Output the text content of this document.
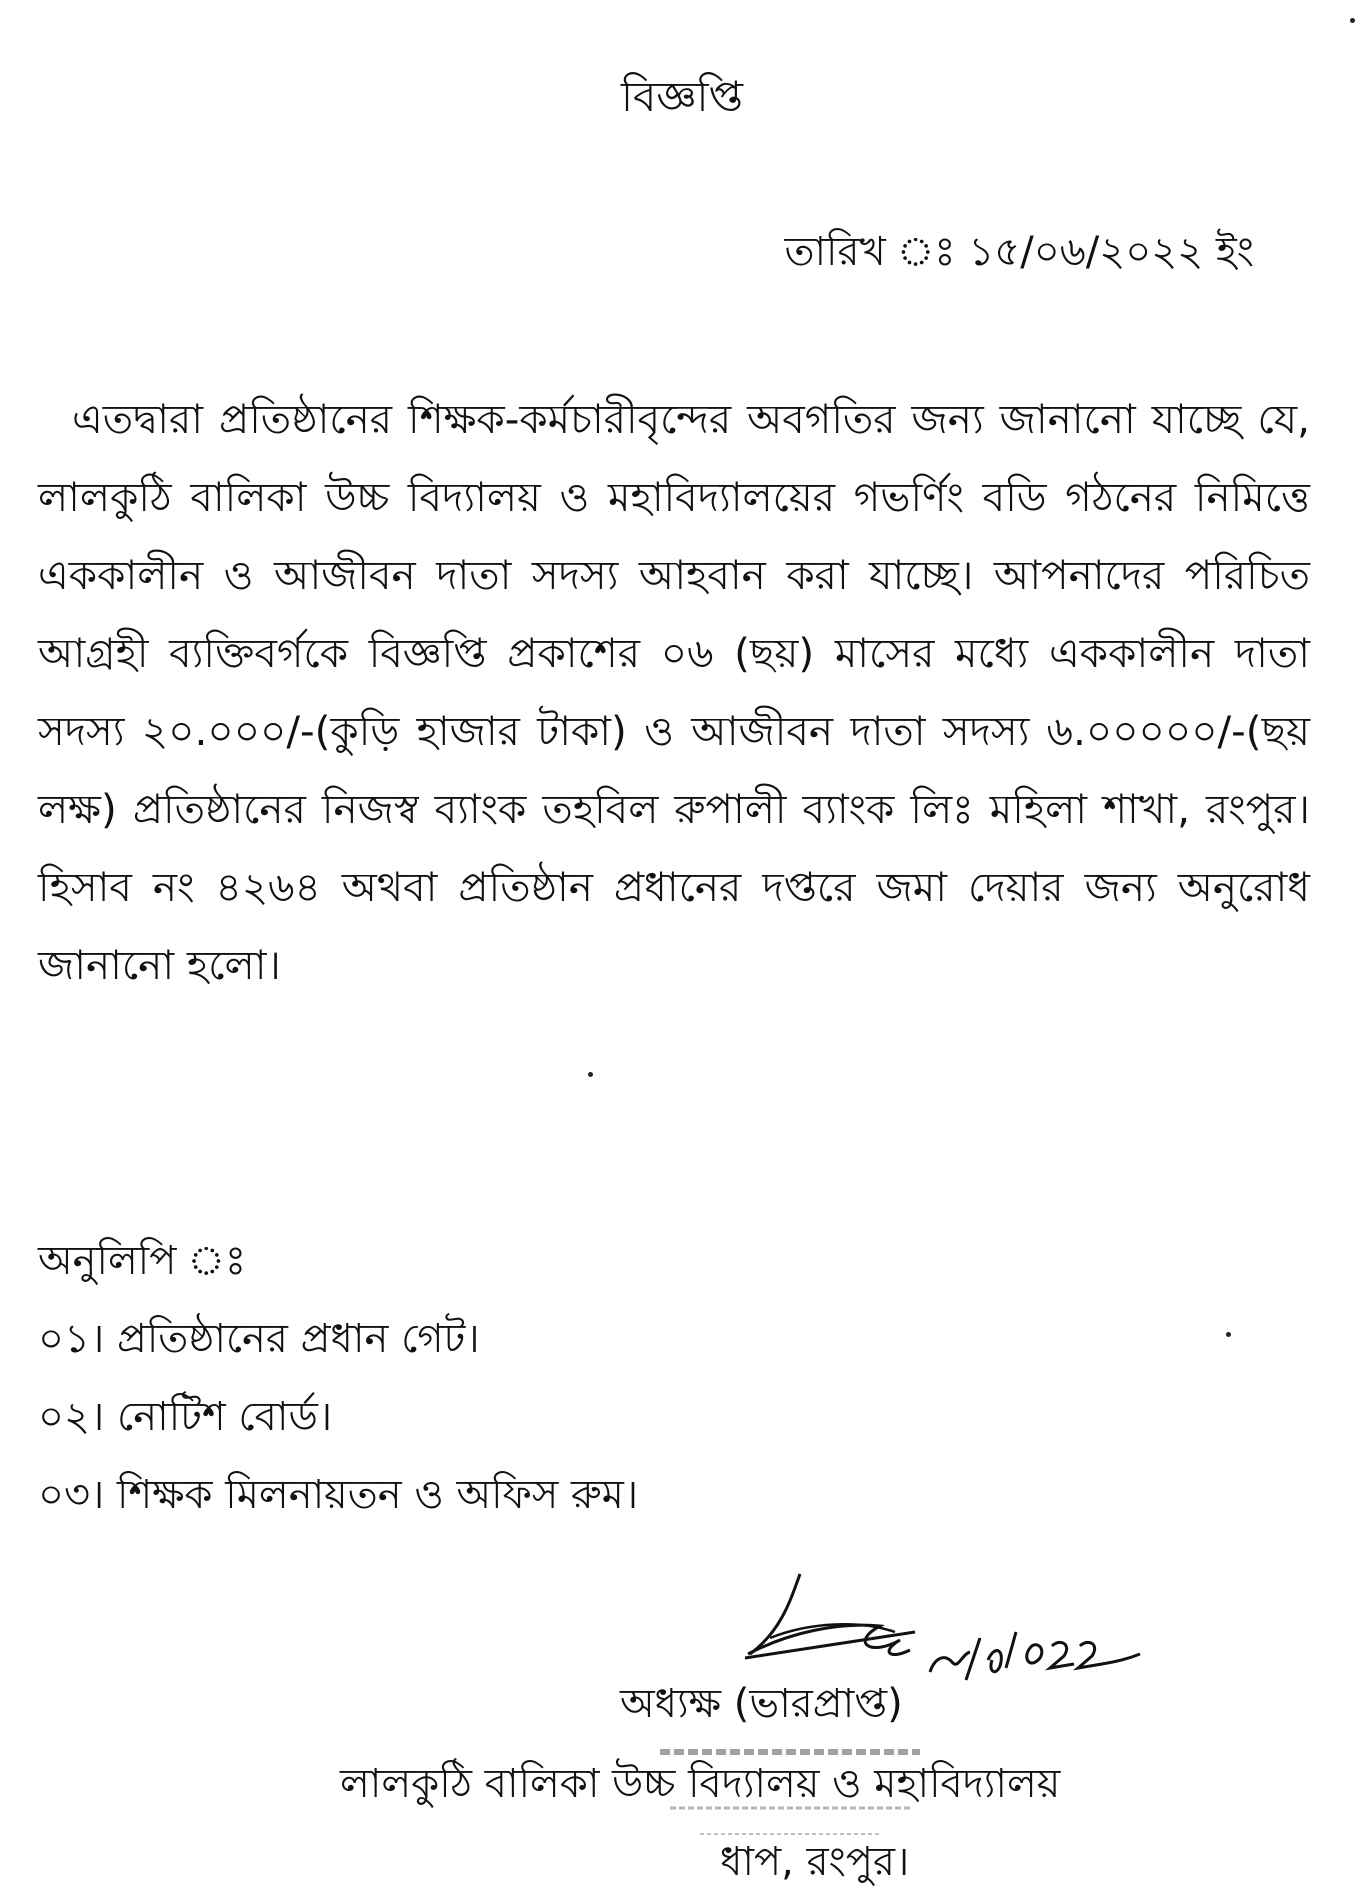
বিজ্ঞপ্তি
তারিখ ঃ ১৫/০৬/২০২২ ইং

এতদ্বারা প্রতিষ্ঠানের শিক্ষক-কর্মচারীবৃন্দের অবগতির জন্য জানানো যাচ্ছে যে, লালকুঠি বালিকা উচ্চ বিদ্যালয় ও মহাবিদ্যালয়ের গভর্ণিং বডি গঠনের নিমিত্তে এককালীন ও আজীবন দাতা সদস্য আহবান করা যাচ্ছে। আপনাদের পরিচিত আগ্রহী ব্যক্তিবর্গকে বিজ্ঞপ্তি প্রকাশের ০৬ (ছয়) মাসের মধ্যে এককালীন দাতা সদস্য ২০.০০০/-(কুড়ি হাজার টাকা) ও আজীবন দাতা সদস্য ৬.০০০০০/-(ছয় লক্ষ) প্রতিষ্ঠানের নিজস্ব ব্যাংক তহবিল রুপালী ব্যাংক লিঃ মহিলা শাখা, রংপুর। হিসাব নং ৪২৬৪ অথবা প্রতিষ্ঠান প্রধানের দপ্তরে জমা দেয়ার জন্য অনুরোধ জানানো হলো।

অনুলিপি ঃ
০১। প্রতিষ্ঠানের প্রধান গেট।
০২। নোটিশ বোর্ড।
০৩। শিক্ষক মিলনায়তন ও অফিস রুম।
অধ্যক্ষ (ভারপ্রাপ্ত)
লালকুঠি বালিকা উচ্চ বিদ্যালয় ও মহাবিদ্যালয়
ধাপ, রংপুর।
